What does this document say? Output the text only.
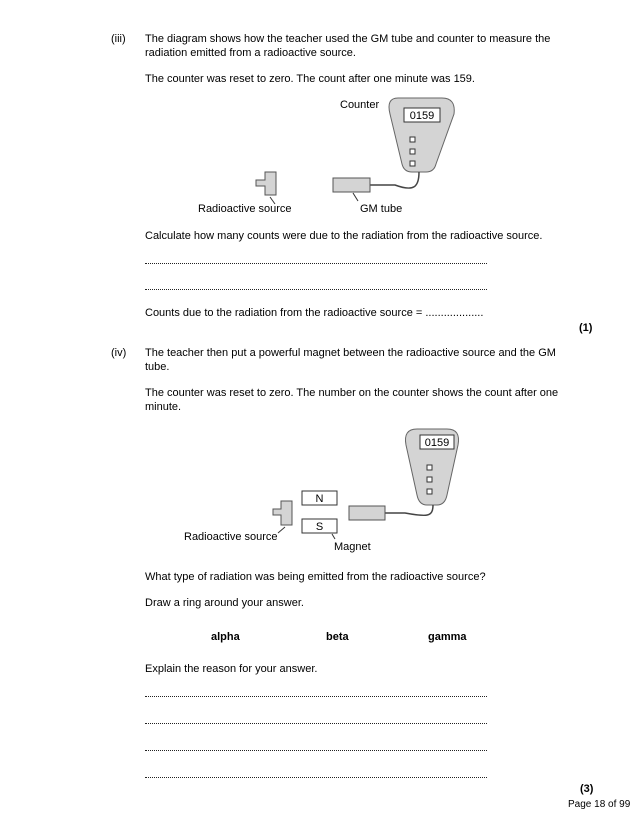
(iii) The diagram shows how the teacher used the GM tube and counter to measure the
radiation emitted from a radioactive source.
The counter was reset to zero. The count after one minute was 159.
Counter
0159
Radioactive source	GM tube
Calculate how many counts were due to the radiation from the radioactive source.
Counts due to the radiation from the radioactive source = ...................
(1)
(iv) The teacher then put a powerful magnet between the radioactive source and the GM
tube.
The counter was reset to zero. The number on the counter shows the count after one
minute.
0159
N
S
Radioactive source
Magnet
What type of radiation was being emitted from the radioactive source?
Draw a ring around your answer.
alpha	beta	gamma
Explain the reason for your answer.
(3)
Page 18 of 99
